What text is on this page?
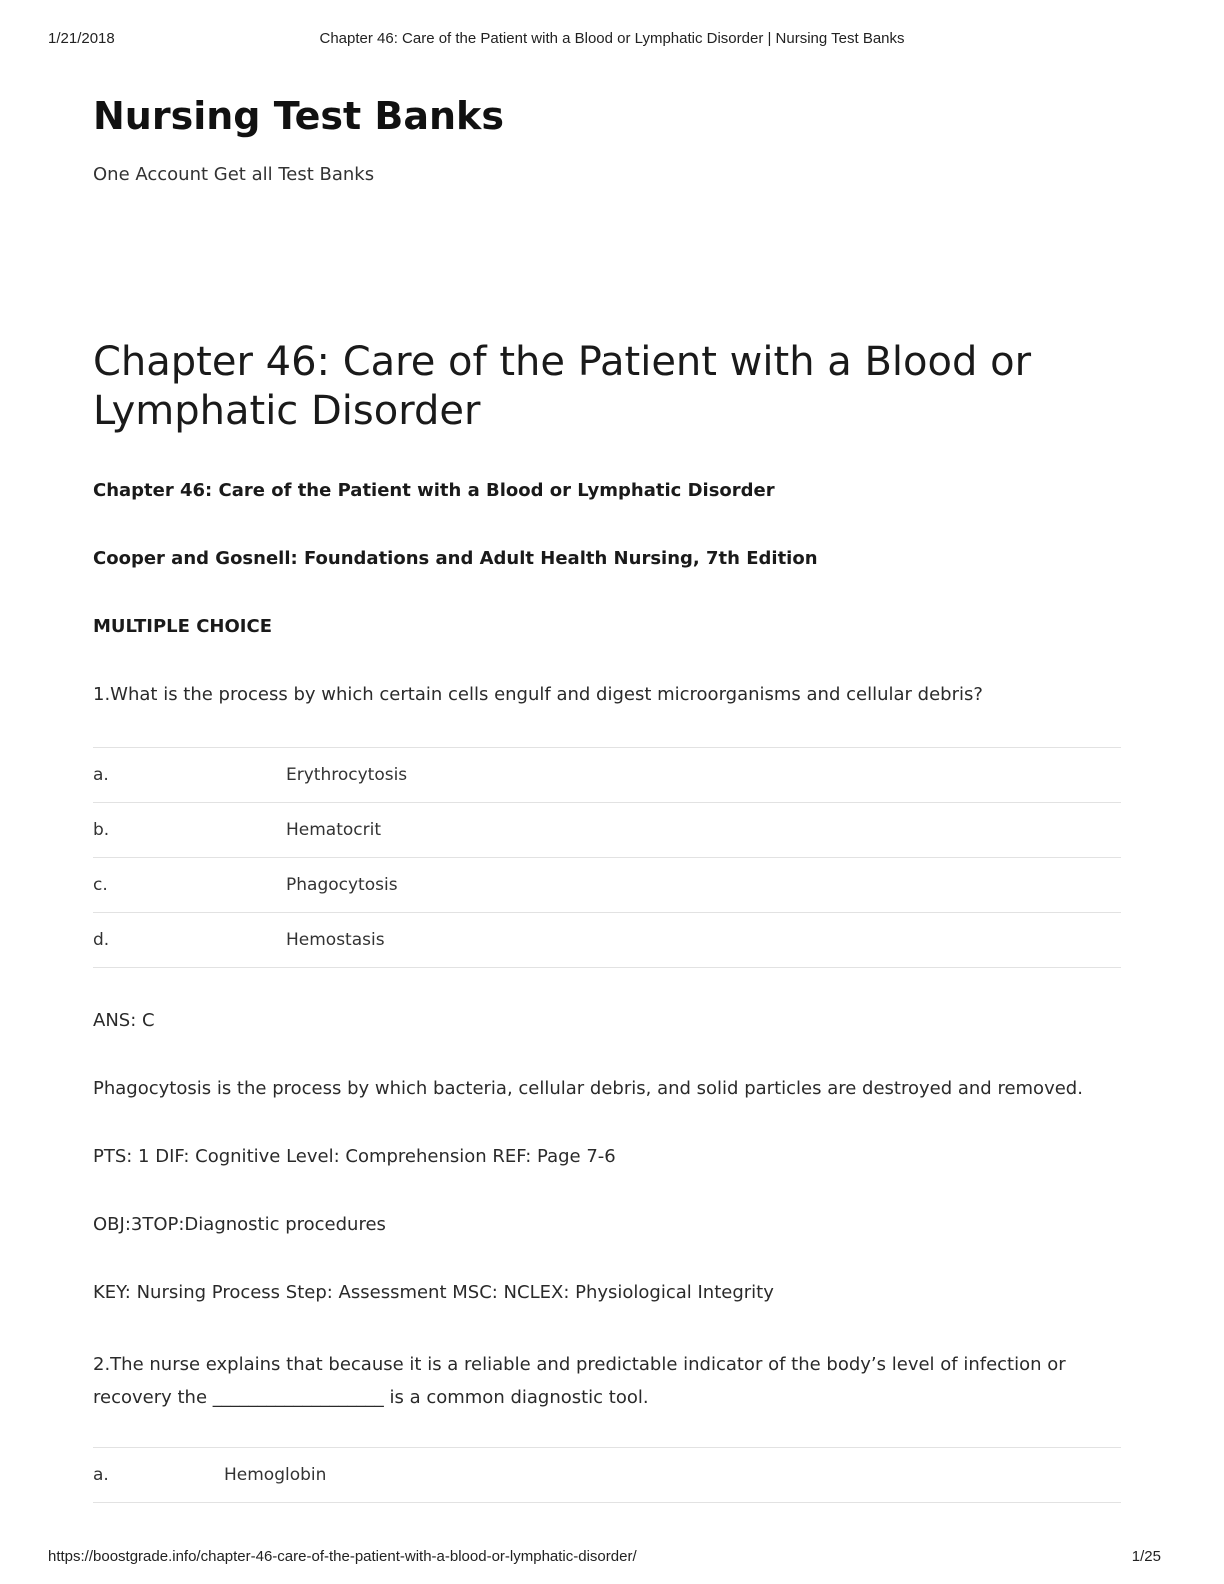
1/21/2018	Chapter 46: Care of the Patient with a Blood or Lymphatic Disorder | Nursing Test Banks
Nursing Test Banks

One Account Get all Test Banks

Chapter 46: Care of the Patient with a Blood or Lymphatic Disorder

Chapter 46: Care of the Patient with a Blood or Lymphatic Disorder

Cooper and Gosnell: Foundations and Adult Health Nursing, 7th Edition

MULTIPLE CHOICE

1.What is the process by which certain cells engulf and digest microorganisms and cellular debris?

a.	Erythrocytosis
b.	Hematocrit
c.	Phagocytosis
d.	Hemostasis

ANS: C

Phagocytosis is the process by which bacteria, cellular debris, and solid particles are destroyed and removed.

PTS: 1 DIF: Cognitive Level: Comprehension REF: Page 7-6

OBJ:3TOP:Diagnostic procedures

KEY: Nursing Process Step: Assessment MSC: NCLEX: Physiological Integrity

2.The nurse explains that because it is a reliable and predictable indicator of the body’s level of infection or
recovery the ___________________ is a common diagnostic tool.

a.	Hemoglobin
https://boostgrade.info/chapter-46-care-of-the-patient-with-a-blood-or-lymphatic-disorder/	1/25
